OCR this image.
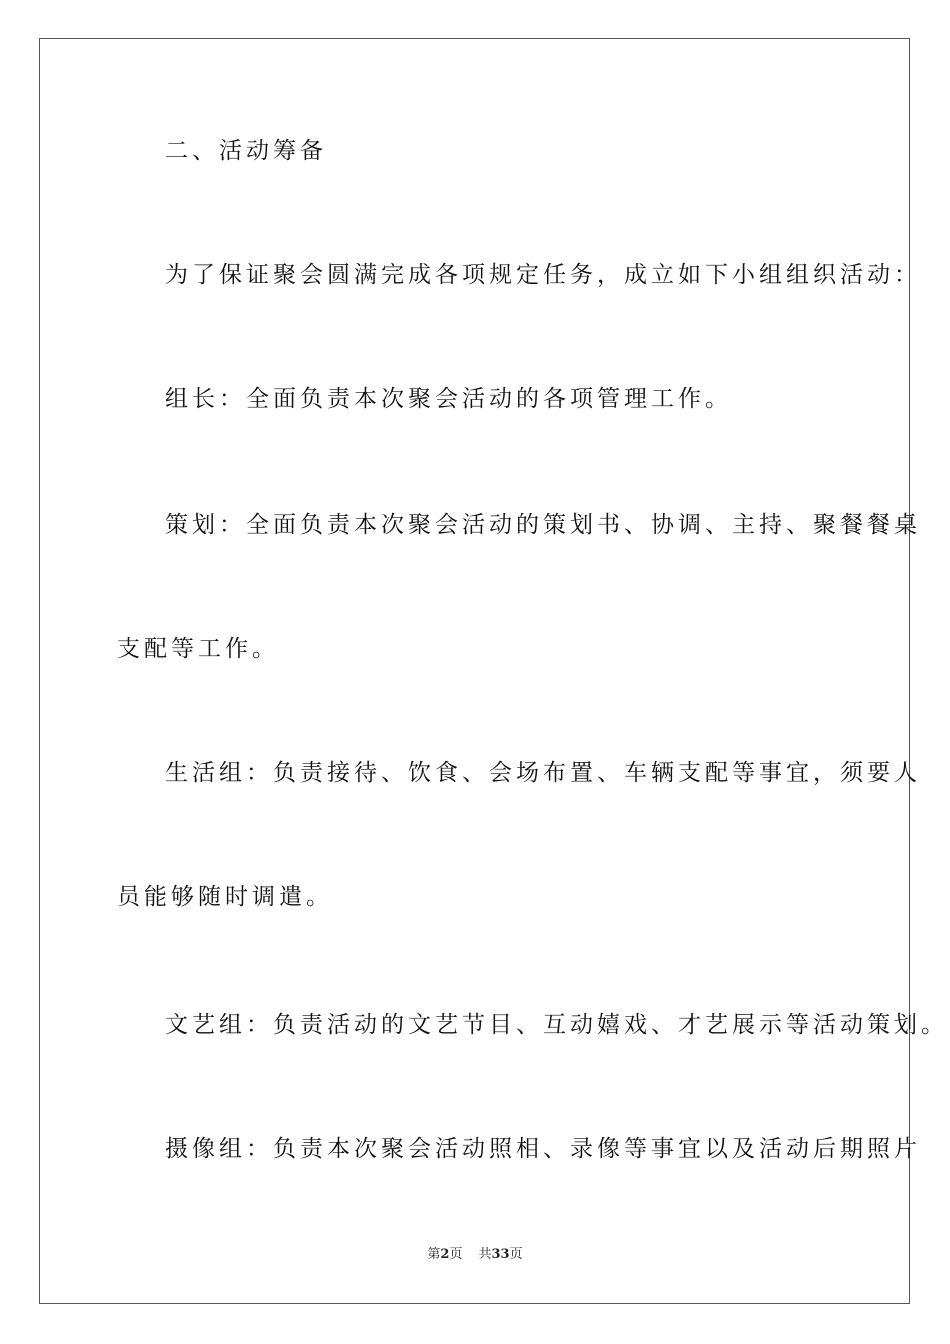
二、活动筹备
为了保证聚会圆满完成各项规定任务，成立如下小组组织活动：
组长：全面负责本次聚会活动的各项管理工作。
策划：全面负责本次聚会活动的策划书、协调、主持、聚餐餐桌
支配等工作。
生活组：负责接待、饮食、会场布置、车辆支配等事宜，须要人
员能够随时调遣。
文艺组：负责活动的文艺节目、互动嬉戏、才艺展示等活动策划。
摄像组：负责本次聚会活动照相、录像等事宜以及活动后期照片
第2页 共33页
